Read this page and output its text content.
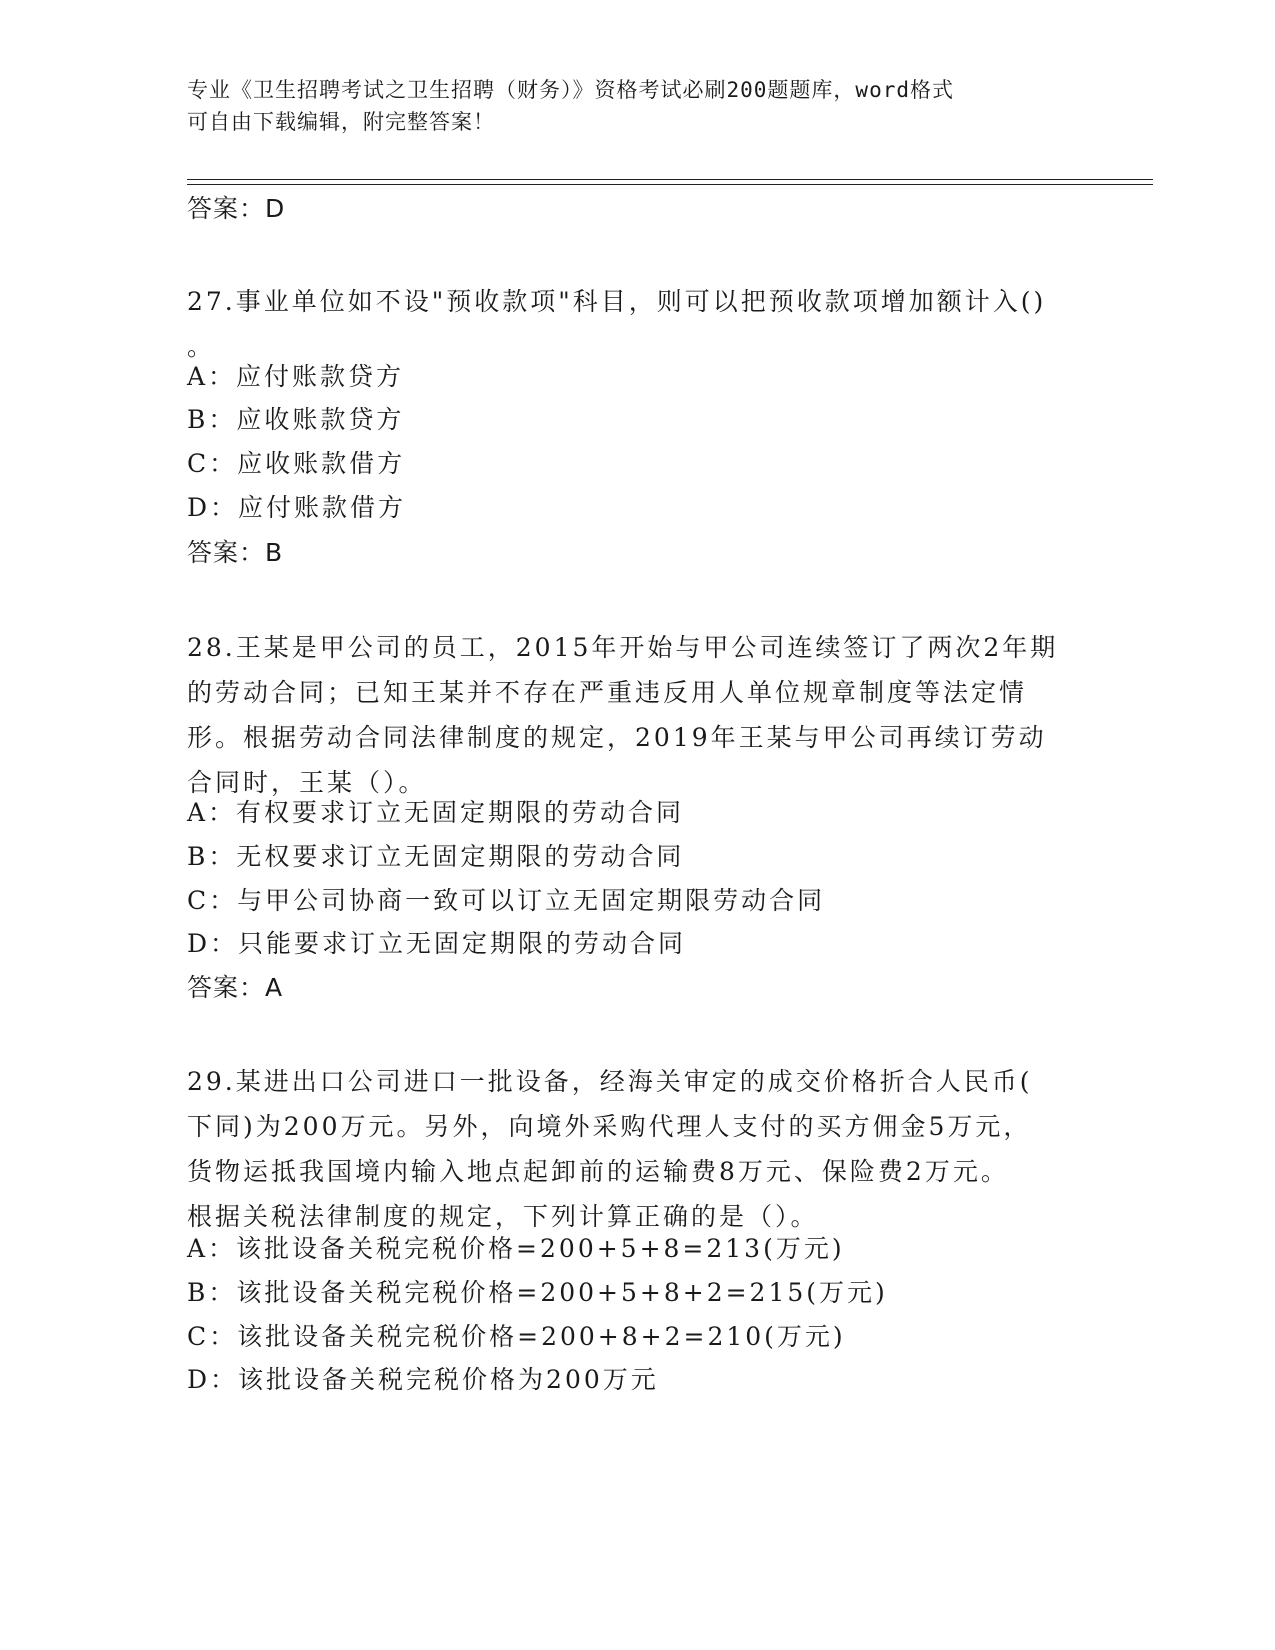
专业《卫生招聘考试之卫生招聘（财务）》资格考试必刷200题题库，word格式
可自由下载编辑，附完整答案！
答案：D
27.事业单位如不设"预收款项"科目，则可以把预收款项增加额计入()
。
A：应付账款贷方
B：应收账款贷方
C：应收账款借方
D：应付账款借方
答案：B
28.王某是甲公司的员工，2015年开始与甲公司连续签订了两次2年期
的劳动合同；已知王某并不存在严重违反用人单位规章制度等法定情
形。根据劳动合同法律制度的规定，2019年王某与甲公司再续订劳动
合同时，王某（）。
A：有权要求订立无固定期限的劳动合同
B：无权要求订立无固定期限的劳动合同
C：与甲公司协商一致可以订立无固定期限劳动合同
D：只能要求订立无固定期限的劳动合同
答案：A
29.某进出口公司进口一批设备，经海关审定的成交价格折合人民币(
下同)为200万元。另外，向境外采购代理人支付的买方佣金5万元，
货物运抵我国境内输入地点起卸前的运输费8万元、保险费2万元。
根据关税法律制度的规定，下列计算正确的是（）。
A：该批设备关税完税价格=200+5+8=213(万元)
B：该批设备关税完税价格=200+5+8+2=215(万元)
C：该批设备关税完税价格=200+8+2=210(万元)
D：该批设备关税完税价格为200万元
